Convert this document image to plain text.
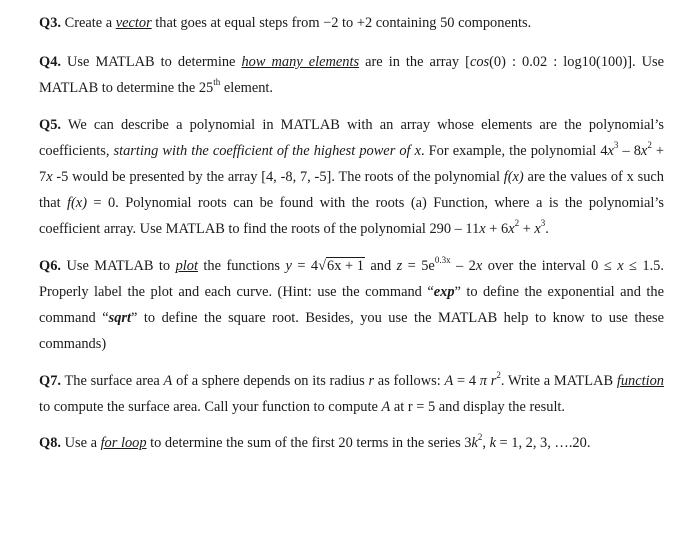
Q3. Create a vector that goes at equal steps from −2 to +2 containing 50 components.

Q4. Use MATLAB to determine how many elements are in the array [cos(0) : 0.02 : log10(100)]. Use MATLAB to determine the 25th element.

Q5. We can describe a polynomial in MATLAB with an array whose elements are the polynomial’s coefficients, starting with the coefficient of the highest power of x. For example, the polynomial $4x^3 - 8x^2 + 7x$ -5 would be presented by the array [4, -8, 7, -5]. The roots of the polynomial f(x) are the values of x such that f(x) = 0. Polynomial roots can be found with the roots (a) Function, where a is the polynomial’s coefficient array. Use MATLAB to find the roots of the polynomial $290 - 11x + 6x^2 + x^3$.

Q6. Use MATLAB to plot the functions y = 4√6x + 1 and $z = 5e^{0.3x} - 2x$ over the interval 0 ≤ x ≤ 1.5. Properly label the plot and each curve. (Hint: use the command “exp” to define the exponential and the command “sqrt” to define the square root. Besides, you use the MATLAB help to know to use these commands)

Q7. The surface area A of a sphere depends on its radius r as follows: A = 4 π $r^2$. Write a MATLAB function to compute the surface area. Call your function to compute A at r = 5 and display the result.

Q8. Use a for loop to determine the sum of the first 20 terms in the series $3k^2$, k = 1, 2, 3, ….20.
